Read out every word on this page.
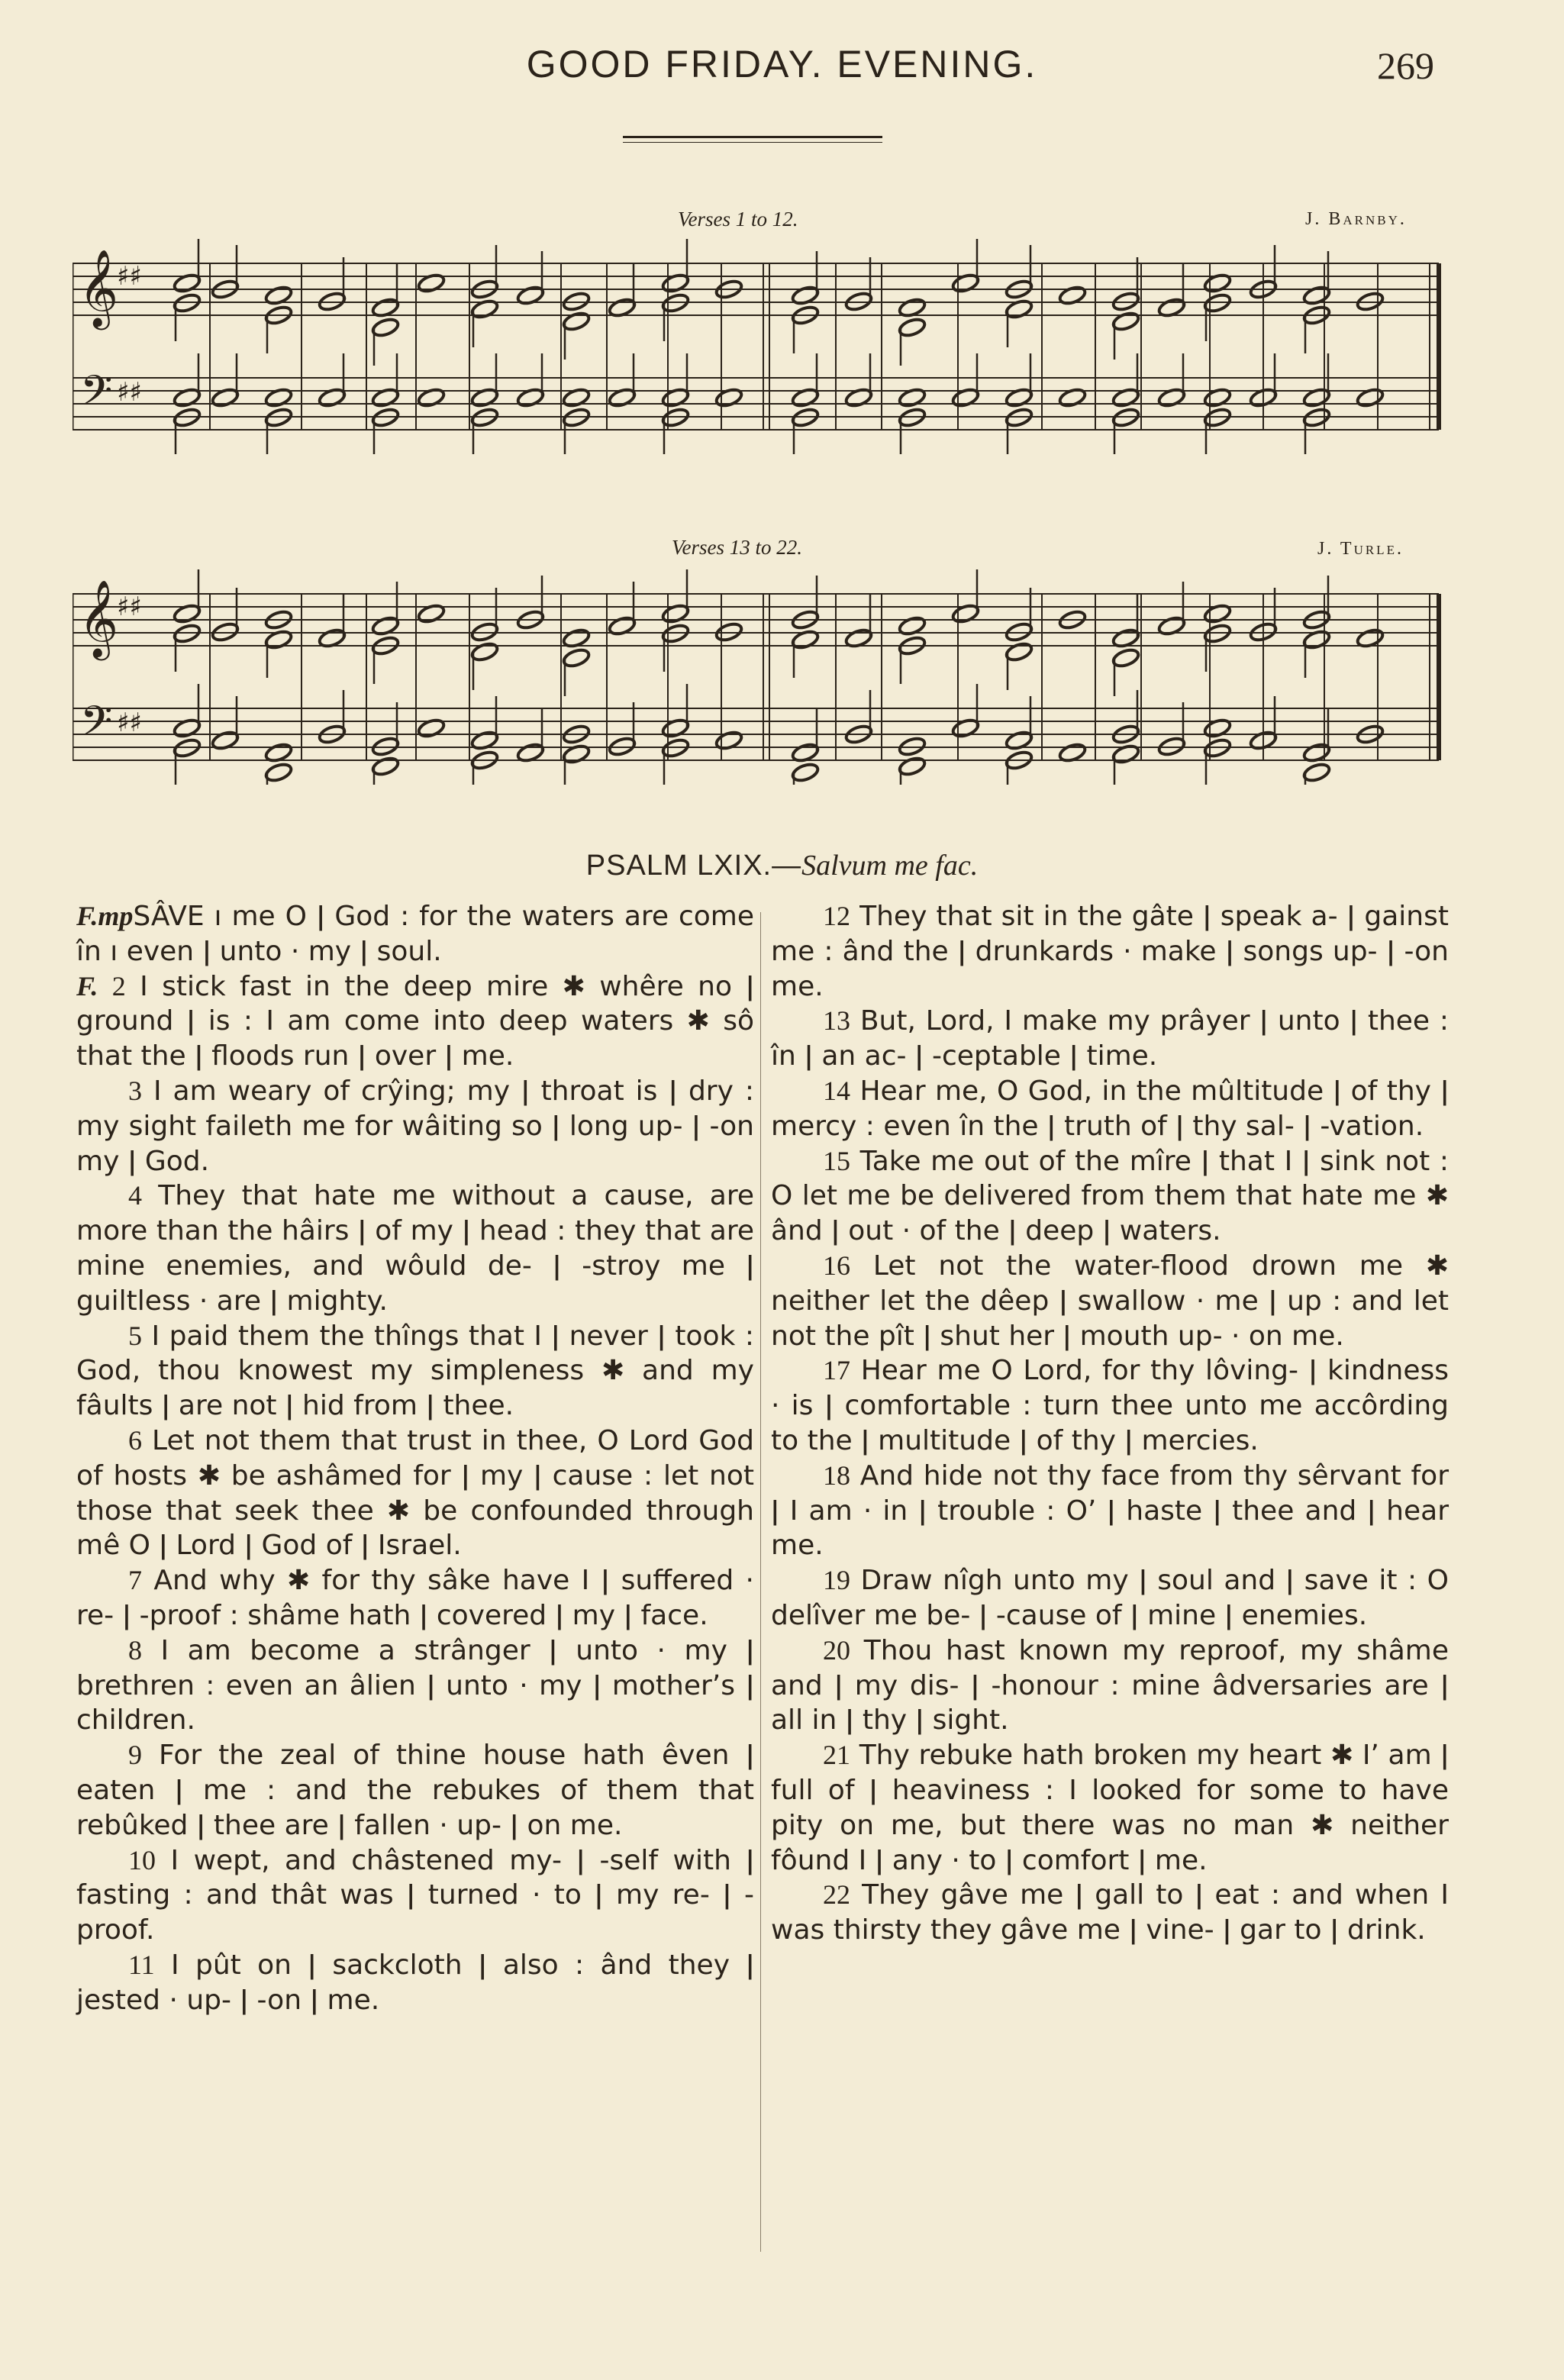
GOOD FRIDAY. EVENING.	269
Verses 1 to 12.	J. Barnby.
𝄞
𝄢
♯♯
♯♯
Verses 13 to 22.	J. Turle.
𝄞
𝄢
♯♯
♯♯
PSALM LXIX.—Salvum me fac.

F.mpSÂVE ı me O ǀ God : for the waters are come în ı even ǀ unto · my ǀ soul.

F. 2 I stick fast in the deep mire ✱ whêre no ǀ ground ǀ is : I am come into deep waters ✱ sô that the ǀ floods run ǀ over ǀ me.

3 I am weary of crŷing; my ǀ throat is ǀ dry : my sight faileth me for wâiting so ǀ long up- ǀ -on my ǀ God.

4 They that hate me without a cause, are more than the hâirs ǀ of my ǀ head : they that are mine enemies, and wôuld de- ǀ -stroy me ǀ guiltless · are ǀ mighty.

5 I paid them the thîngs that I ǀ never ǀ took : God, thou knowest my simpleness ✱ and my fâults ǀ are not ǀ hid from ǀ thee.

6 Let not them that trust in thee, O Lord God of hosts ✱ be ashâmed for ǀ my ǀ cause : let not those that seek thee ✱ be confounded through mê O ǀ Lord ǀ God of ǀ Israel.

7 And why ✱ for thy sâke have I ǀ suffered · re- ǀ -proof : shâme hath ǀ covered ǀ my ǀ face.

8 I am become a strânger ǀ unto · my ǀ brethren : even an âlien ǀ unto · my ǀ mother’s ǀ children.

9 For the zeal of thine house hath êven ǀ eaten ǀ me : and the rebukes of them that rebûked ǀ thee are ǀ fallen · up- ǀ on me.

10 I wept, and châstened my- ǀ -self with ǀ fasting : and thât was ǀ turned · to ǀ my re- ǀ -proof.

11 I pût on ǀ sackcloth ǀ also : ând they ǀ jested · up- ǀ -on ǀ me.

12 They that sit in the gâte ǀ speak a- ǀ gainst me : ând the ǀ drunkards · make ǀ songs up- ǀ -on me.

13 But, Lord, I make my prâyer ǀ unto ǀ thee : în ǀ an ac- ǀ -ceptable ǀ time.

14 Hear me, O God, in the mûltitude ǀ of thy ǀ mercy : even în the ǀ truth of ǀ thy sal- ǀ -vation.

15 Take me out of the mîre ǀ that I ǀ sink not : O let me be delivered from them that hate me ✱ ând ǀ out · of the ǀ deep ǀ waters.

16 Let not the water-flood drown me ✱ neither let the dêep ǀ swallow · me ǀ up : and let not the pît ǀ shut her ǀ mouth up- · on me.

17 Hear me O Lord, for thy lôving- ǀ kindness · is ǀ comfortable : turn thee unto me accôrding to the ǀ multitude ǀ of thy ǀ mercies.

18 And hide not thy face from thy sêrvant for ǀ I am · in ǀ trouble : O’ ǀ haste ǀ thee and ǀ hear me.

19 Draw nîgh unto my ǀ soul and ǀ save it : O delîver me be- ǀ -cause of ǀ mine ǀ enemies.

20 Thou hast known my reproof, my shâme and ǀ my dis- ǀ -honour : mine âdversaries are ǀ all in ǀ thy ǀ sight.

21 Thy rebuke hath broken my heart ✱ I’ am ǀ full of ǀ heaviness : I looked for some to have pity on me, but there was no man ✱ neither fôund I ǀ any · to ǀ comfort ǀ me.

22 They gâve me ǀ gall to ǀ eat : and when I was thirsty they gâve me ǀ vine- ǀ gar to ǀ drink.
